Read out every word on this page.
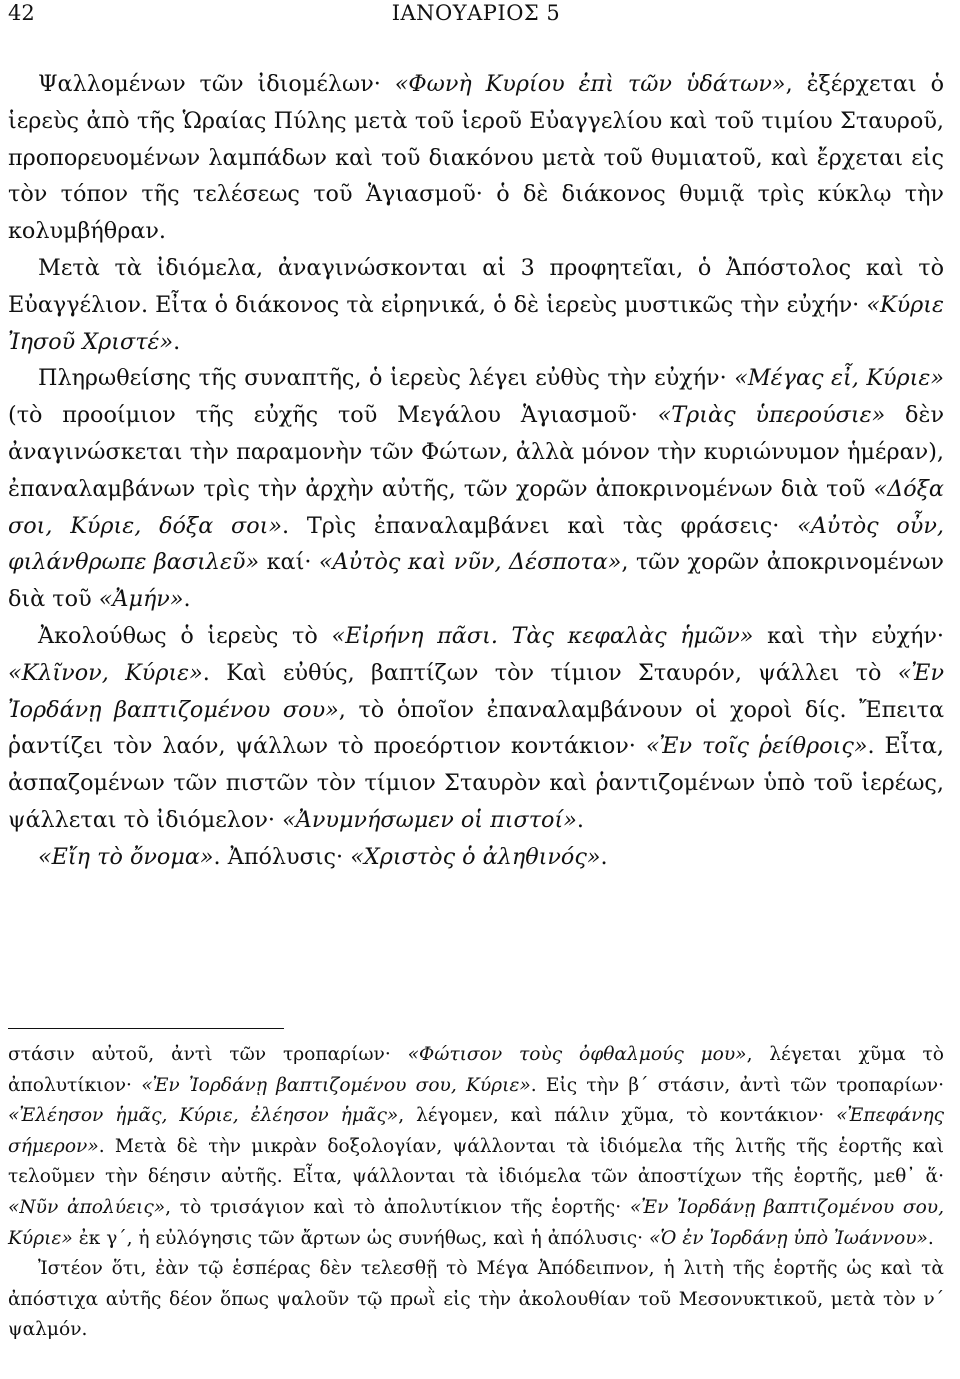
42	ΙΑΝΟΥΑΡΙΟΣ 5

Ψαλλομένων τῶν ἰδιομέλων· «Φωνὴ Κυρίου ἐπὶ τῶν ὑδάτων», ἐξέρχεται ὁ ἱερεὺς ἀπὸ τῆς Ὡραίας Πύλης μετὰ τοῦ ἱεροῦ Εὐαγγελίου καὶ τοῦ τιμίου Σταυροῦ, προπορευομένων λαμπάδων καὶ τοῦ διακόνου μετὰ τοῦ θυμιατοῦ, καὶ ἔρχεται εἰς τὸν τόπον τῆς τελέσεως τοῦ Ἁγιασμοῦ· ὁ δὲ διάκονος θυμιᾷ τρὶς κύκλῳ τὴν κολυμβήθραν.

Μετὰ τὰ ἰδιόμελα, ἀναγινώσκονται αἱ 3 προφητεῖαι, ὁ Ἀπόστολος καὶ τὸ Εὐαγγέλιον. Εἶτα ὁ διάκονος τὰ εἰρηνικά, ὁ δὲ ἱερεὺς μυστικῶς τὴν εὐχήν· «Κύριε Ἰησοῦ Χριστέ».

Πληρωθείσης τῆς συναπτῆς, ὁ ἱερεὺς λέγει εὐθὺς τὴν εὐχήν· «Μέγας εἶ, Κύριε» (τὸ προοίμιον τῆς εὐχῆς τοῦ Μεγάλου Ἁγιασμοῦ· «Τριὰς ὑπερούσιε» δὲν ἀναγινώσκεται τὴν παραμονὴν τῶν Φώτων, ἀλλὰ μόνον τὴν κυριώνυμον ἡμέραν), ἐπαναλαμβάνων τρὶς τὴν ἀρχὴν αὐτῆς, τῶν χορῶν ἀποκρινομένων διὰ τοῦ «Δόξα σοι, Κύριε, δόξα σοι». Τρὶς ἐπαναλαμβάνει καὶ τὰς φράσεις· «Αὐτὸς οὖν, φιλάνθρωπε βασιλεῦ» καί· «Αὐτὸς καὶ νῦν, Δέσποτα», τῶν χορῶν ἀποκρινομένων διὰ τοῦ «Ἀμήν».

Ἀκολούθως ὁ ἱερεὺς τὸ «Εἰρήνη πᾶσι. Τὰς κεφαλὰς ἡμῶν» καὶ τὴν εὐχήν· «Κλῖνον, Κύριε». Καὶ εὐθύς, βαπτίζων τὸν τίμιον Σταυρόν, ψάλλει τὸ «Ἐν Ἰορδάνῃ βαπτιζομένου σου», τὸ ὁποῖον ἐπαναλαμβάνουν οἱ χοροὶ δίς. Ἔπειτα ῥαντίζει τὸν λαόν, ψάλλων τὸ προεόρτιον κοντάκιον· «Ἐν τοῖς ῥείθροις». Εἶτα, ἀσπαζομένων τῶν πιστῶν τὸν τίμιον Σταυρὸν καὶ ῥαντιζομένων ὑπὸ τοῦ ἱερέως, ψάλλεται τὸ ἰδιόμελον· «Ἀνυμνήσωμεν οἱ πιστοί».

«Εἴη τὸ ὄνομα». Ἀπόλυσις· «Χριστὸς ὁ ἀληθινός».

στάσιν αὐτοῦ, ἀντὶ τῶν τροπαρίων· «Φώτισον τοὺς ὀφθαλμούς μου», λέγεται χῦμα τὸ ἀπολυτίκιον· «Ἐν Ἰορδάνῃ βαπτιζομένου σου, Κύριε». Εἰς τὴν β´ στάσιν, ἀντὶ τῶν τροπαρίων· «Ἐλέησον ἡμᾶς, Κύριε, ἐλέησον ἡμᾶς», λέγομεν, καὶ πάλιν χῦμα, τὸ κοντάκιον· «Ἐπεφάνης σήμερον». Μετὰ δὲ τὴν μικρὰν δοξολογίαν, ψάλλονται τὰ ἰδιόμελα τῆς λιτῆς τῆς ἑορτῆς καὶ τελοῦμεν τὴν δέησιν αὐτῆς. Εἶτα, ψάλλονται τὰ ἰδιόμελα τῶν ἀποστίχων τῆς ἑορτῆς, μεθ᾽ ἅ· «Νῦν ἀπολύεις», τὸ τρισάγιον καὶ τὸ ἀπολυτίκιον τῆς ἑορτῆς· «Ἐν Ἰορδάνῃ βαπτιζομένου σου, Κύριε» ἐκ γ´, ἡ εὐλόγησις τῶν ἄρτων ὡς συνήθως, καὶ ἡ ἀπόλυσις· «Ὁ ἐν Ἰορδάνῃ ὑπὸ Ἰωάννου».

Ἰστέον ὅτι, ἐὰν τῷ ἑσπέρας δὲν τελεσθῇ τὸ Μέγα Ἀπόδειπνον, ἡ λιτὴ τῆς ἑορτῆς ὡς καὶ τὰ ἀπόστιχα αὐτῆς δέον ὅπως ψαλοῦν τῷ πρωῒ εἰς τὴν ἀκολουθίαν τοῦ Μεσονυκτικοῦ, μετὰ τὸν ν´ ψαλμόν.
